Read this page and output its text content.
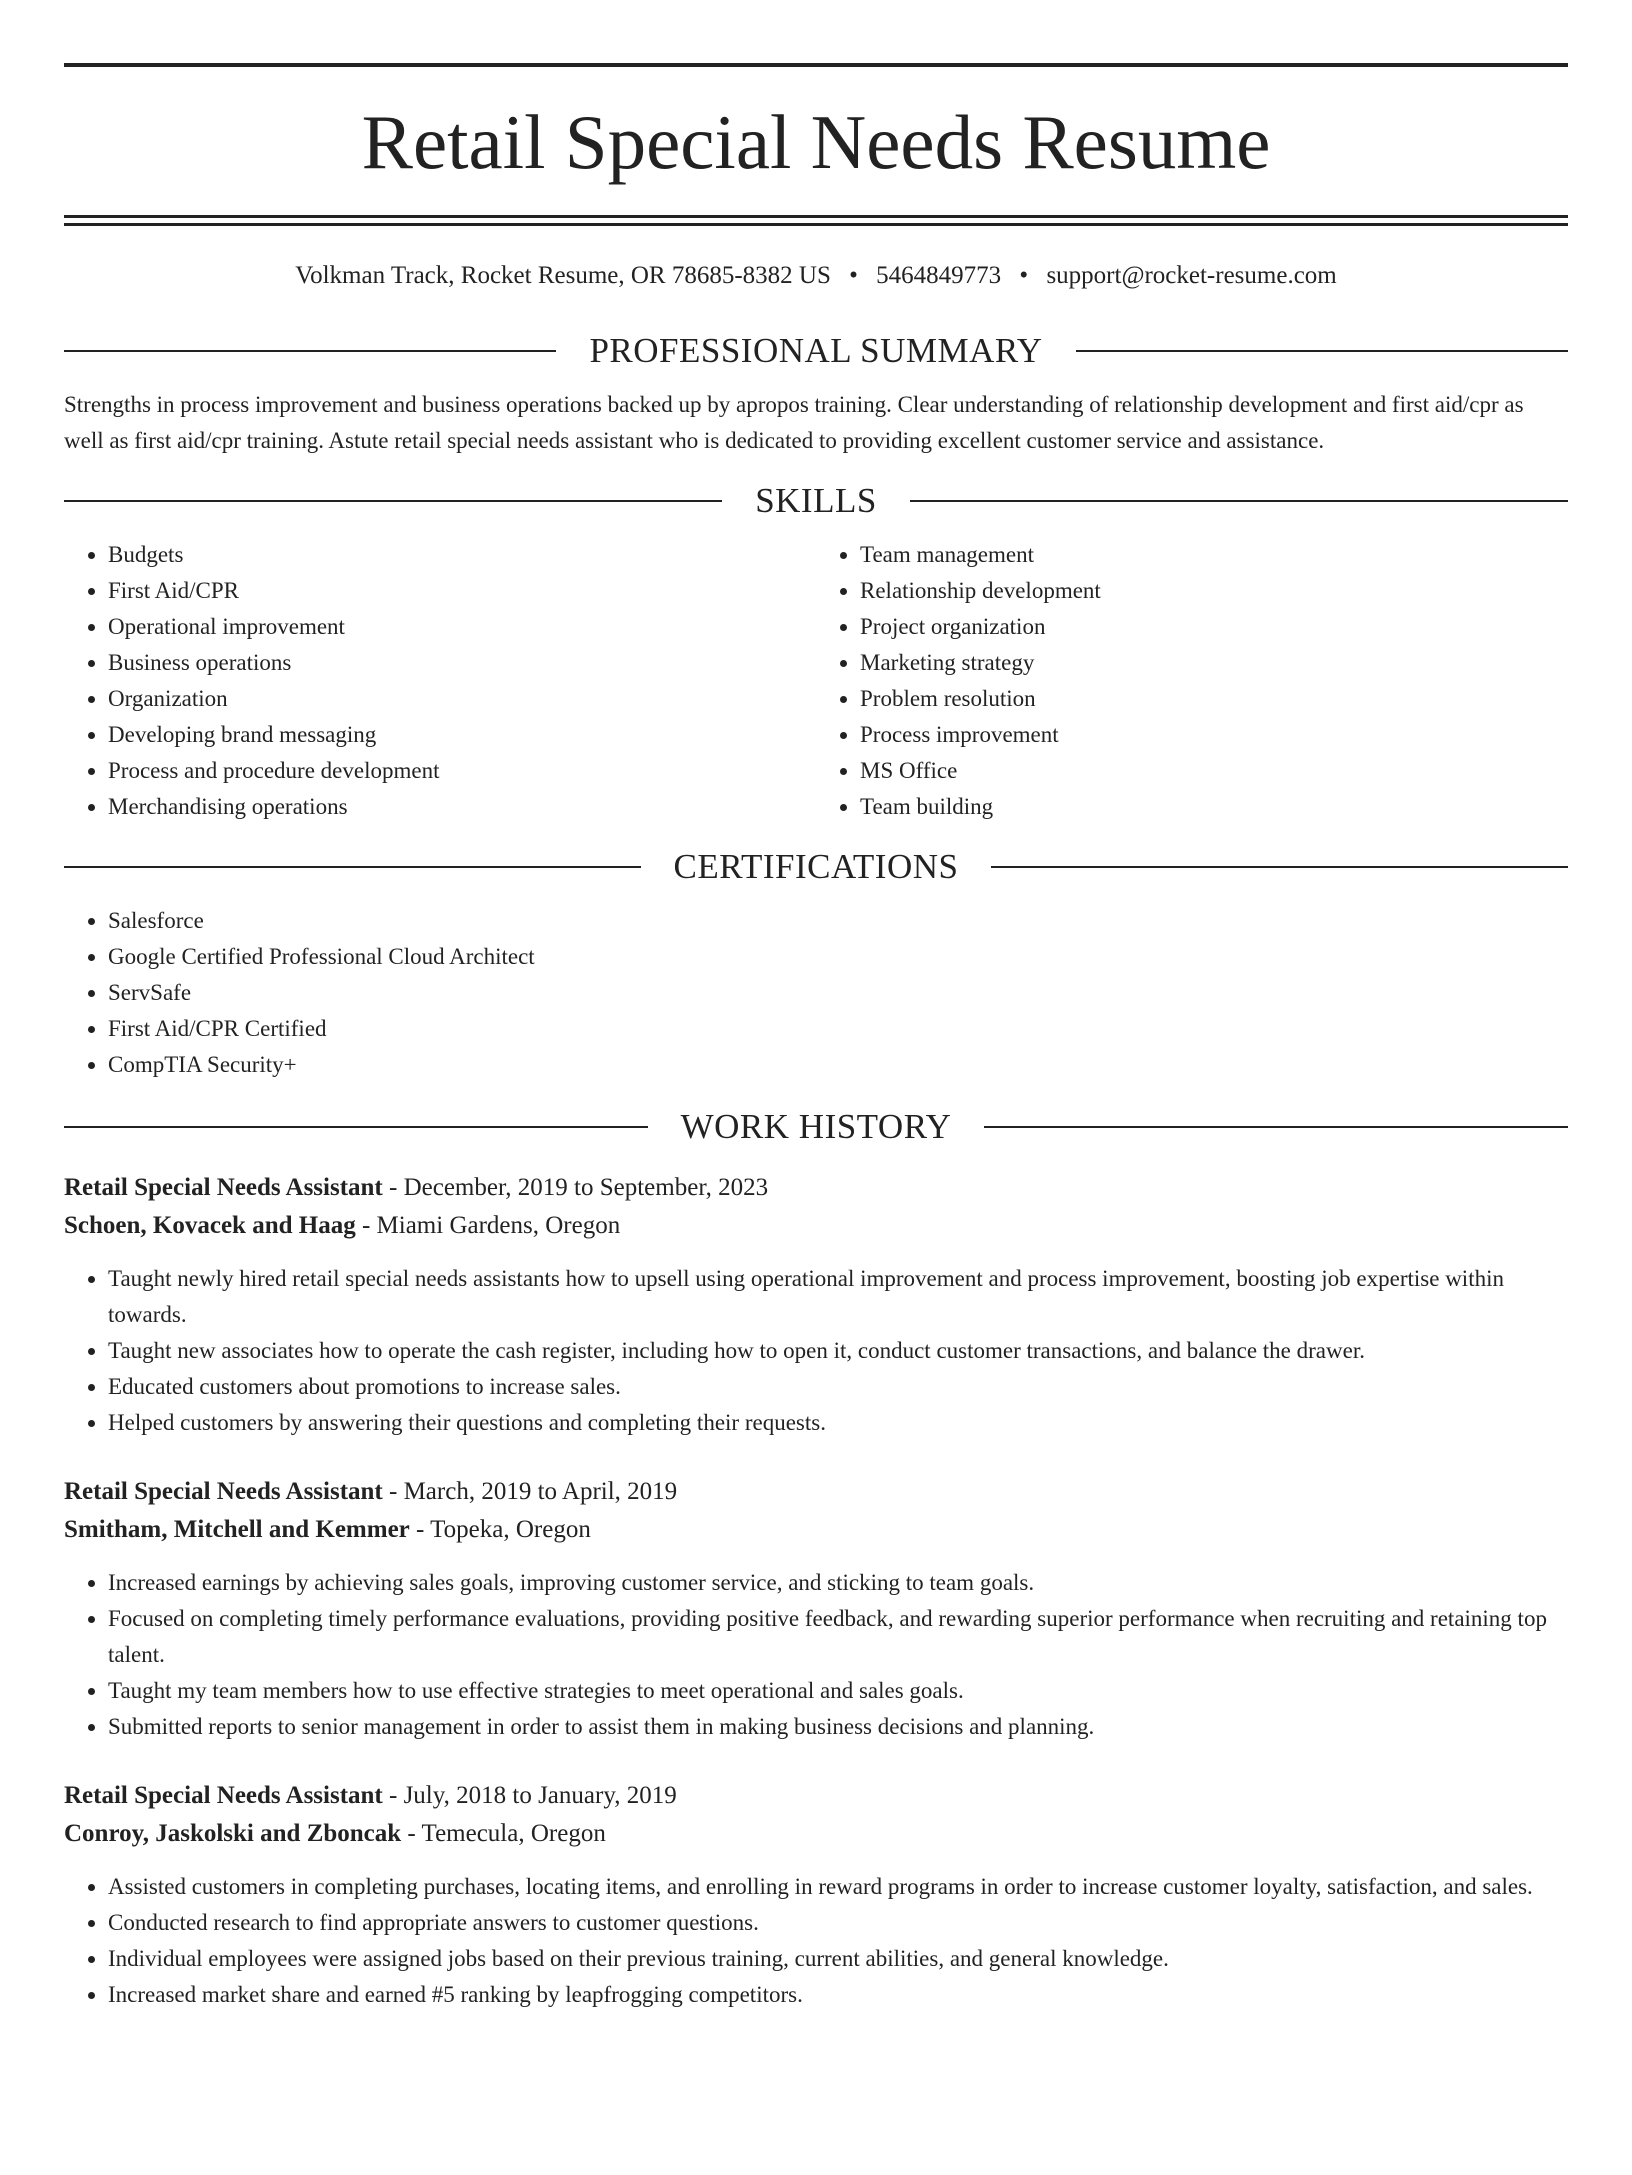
Retail Special Needs Resume
Volkman Track, Rocket Resume, OR 78685-8382 US • 5464849773 • support@rocket-resume.com
PROFESSIONAL SUMMARY
Strengths in process improvement and business operations backed up by apropos training. Clear understanding of relationship development and first aid/cpr as well as first aid/cpr training. Astute retail special needs assistant who is dedicated to providing excellent customer service and assistance.
SKILLS
• Budgets
• First Aid/CPR
• Operational improvement
• Business operations
• Organization
• Developing brand messaging
• Process and procedure development
• Merchandising operations
• Team management
• Relationship development
• Project organization
• Marketing strategy
• Problem resolution
• Process improvement
• MS Office
• Team building
CERTIFICATIONS
• Salesforce
• Google Certified Professional Cloud Architect
• ServSafe
• First Aid/CPR Certified
• CompTIA Security+
WORK HISTORY
Retail Special Needs Assistant - December, 2019 to September, 2023
Schoen, Kovacek and Haag - Miami Gardens, Oregon
• Taught newly hired retail special needs assistants how to upsell using operational improvement and process improvement, boosting job expertise within towards.
• Taught new associates how to operate the cash register, including how to open it, conduct customer transactions, and balance the drawer.
• Educated customers about promotions to increase sales.
• Helped customers by answering their questions and completing their requests.
Retail Special Needs Assistant - March, 2019 to April, 2019
Smitham, Mitchell and Kemmer - Topeka, Oregon
• Increased earnings by achieving sales goals, improving customer service, and sticking to team goals.
• Focused on completing timely performance evaluations, providing positive feedback, and rewarding superior performance when recruiting and retaining top talent.
• Taught my team members how to use effective strategies to meet operational and sales goals.
• Submitted reports to senior management in order to assist them in making business decisions and planning.
Retail Special Needs Assistant - July, 2018 to January, 2019
Conroy, Jaskolski and Zboncak - Temecula, Oregon
• Assisted customers in completing purchases, locating items, and enrolling in reward programs in order to increase customer loyalty, satisfaction, and sales.
• Conducted research to find appropriate answers to customer questions.
• Individual employees were assigned jobs based on their previous training, current abilities, and general knowledge.
• Increased market share and earned #5 ranking by leapfrogging competitors.
